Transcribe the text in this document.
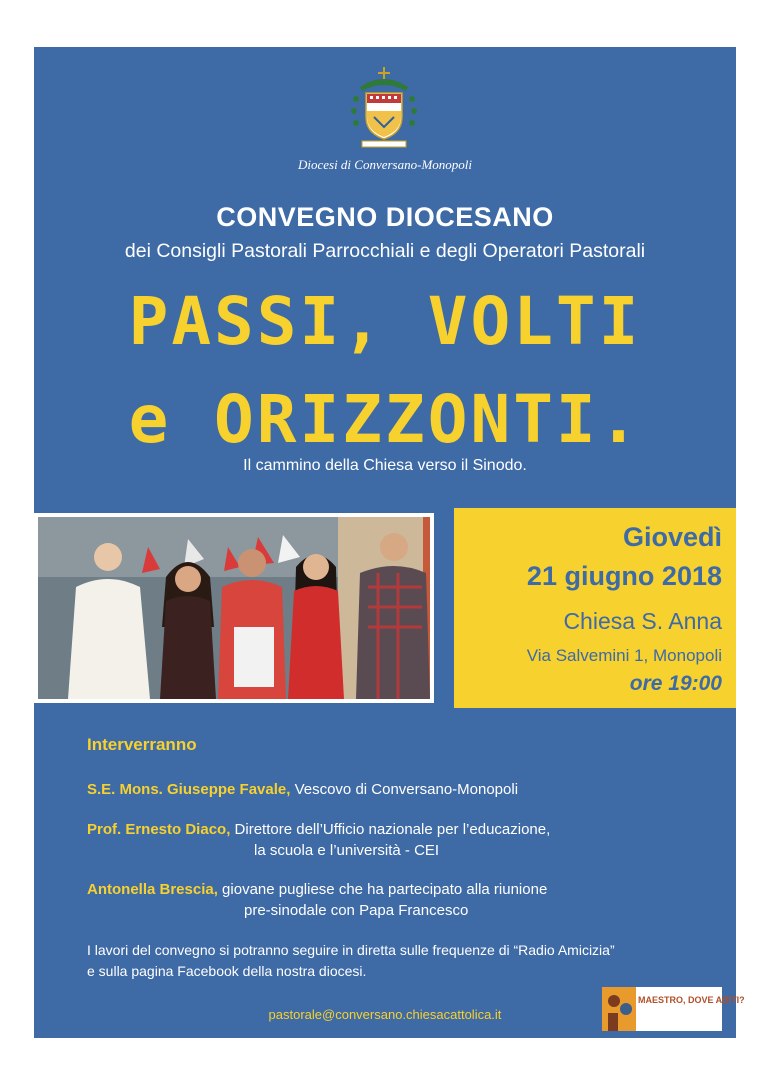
Diocesi di Conversano-Monopoli
CONVEGNO DIOCESANO
dei Consigli Pastorali Parrocchiali e degli Operatori Pastorali
PASSI, VOLTI
e ORIZZONTI.
Il cammino della Chiesa verso il Sinodo.
Giovedì
21 giugno 2018
Chiesa S. Anna
Via Salvemini 1, Monopoli
ore 19:00
Interverranno
S.E. Mons. Giuseppe Favale, Vescovo di Conversano-Monopoli
Prof. Ernesto Diaco, Direttore dell’Ufficio nazionale per l’educazione,
la scuola e l’università - CEI
Antonella Brescia, giovane pugliese che ha partecipato alla riunione
pre-sinodale con Papa Francesco
I lavori del convegno si potranno seguire in diretta sulle frequenze di “Radio Amicizia”
e sulla pagina Facebook della nostra diocesi.
pastorale@conversano.chiesacattolica.it
MAESTRO, DOVE ABITI?
